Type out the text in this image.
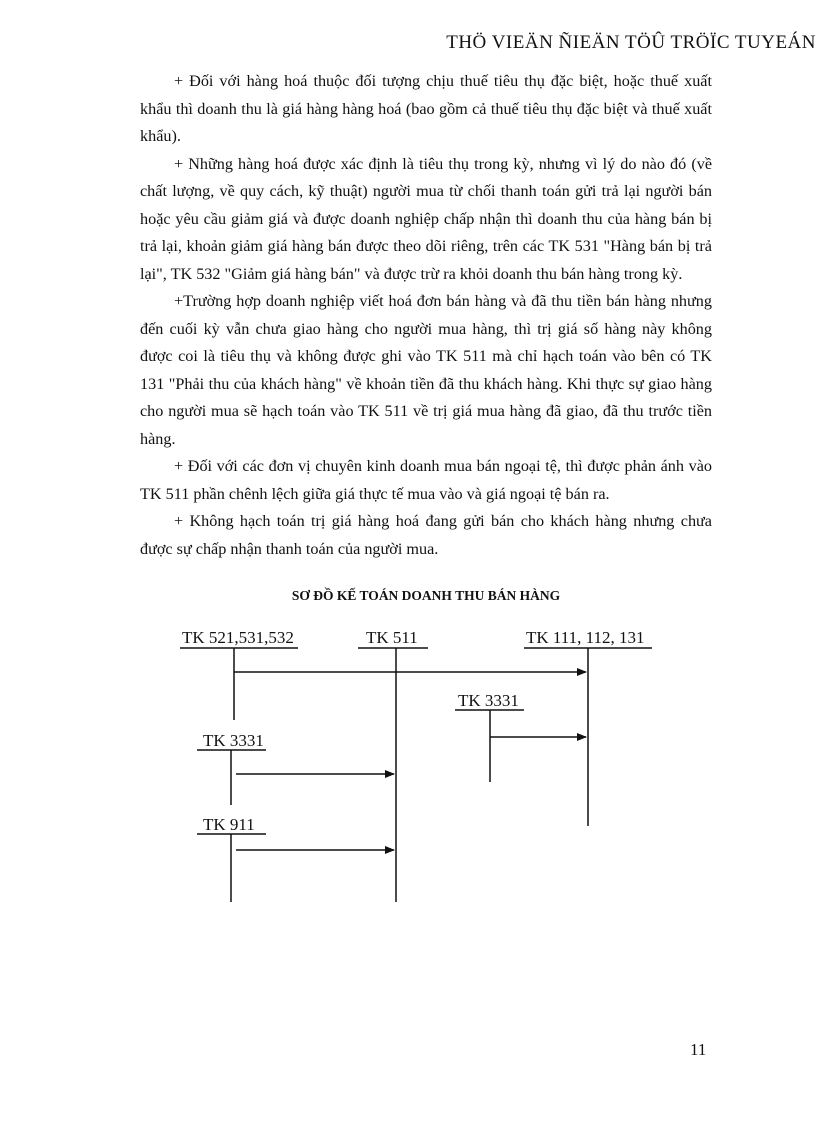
THÖ VIEÄN ÑIEÄN TÖÛ TRÖÏC TUYEÁN

+ Đối với hàng hoá thuộc đối tượng chịu thuế tiêu thụ đặc biệt, hoặc thuế xuất khẩu thì doanh thu là giá hàng hàng hoá (bao gồm cả thuế tiêu thụ đặc biệt và thuế xuất khẩu).

+ Những hàng hoá được xác định là tiêu thụ trong kỳ, nhưng vì lý do nào đó (về chất lượng, về quy cách, kỹ thuật) người mua từ chối thanh toán gửi trả lại người bán hoặc yêu cầu giảm giá và được doanh nghiệp chấp nhận thì doanh thu của hàng bán bị trả lại, khoản giảm giá hàng bán được theo dõi riêng, trên các TK 531 "Hàng bán bị trả lại", TK 532 "Giảm giá hàng bán" và được trừ ra khỏi doanh thu bán hàng trong kỳ.

+Trường hợp doanh nghiệp viết hoá đơn bán hàng và đã thu tiền bán hàng nhưng đến cuối kỳ vẫn chưa giao hàng cho người mua hàng, thì trị giá số hàng này không được coi là tiêu thụ và không được ghi vào TK 511 mà chỉ hạch toán vào bên có TK 131 "Phải thu của khách hàng" về khoản tiền đã thu khách hàng. Khi thực sự giao hàng cho người mua sẽ hạch toán vào TK 511 về trị giá mua hàng đã giao, đã thu trước tiền hàng.

+ Đối với các đơn vị chuyên kinh doanh mua bán ngoại tệ, thì được phản ánh vào TK 511 phần chênh lệch giữa giá thực tế mua vào và giá ngoại tệ bán ra.

+ Không hạch toán trị giá hàng hoá đang gửi bán cho khách hàng nhưng chưa được sự chấp nhận thanh toán của người mua.

SƠ ĐỒ KẾ TOÁN DOANH THU BÁN HÀNG
TK 521,531,532	TK 511	TK 111, 112, 131
TK 3331
TK 3331
TK 911
11
